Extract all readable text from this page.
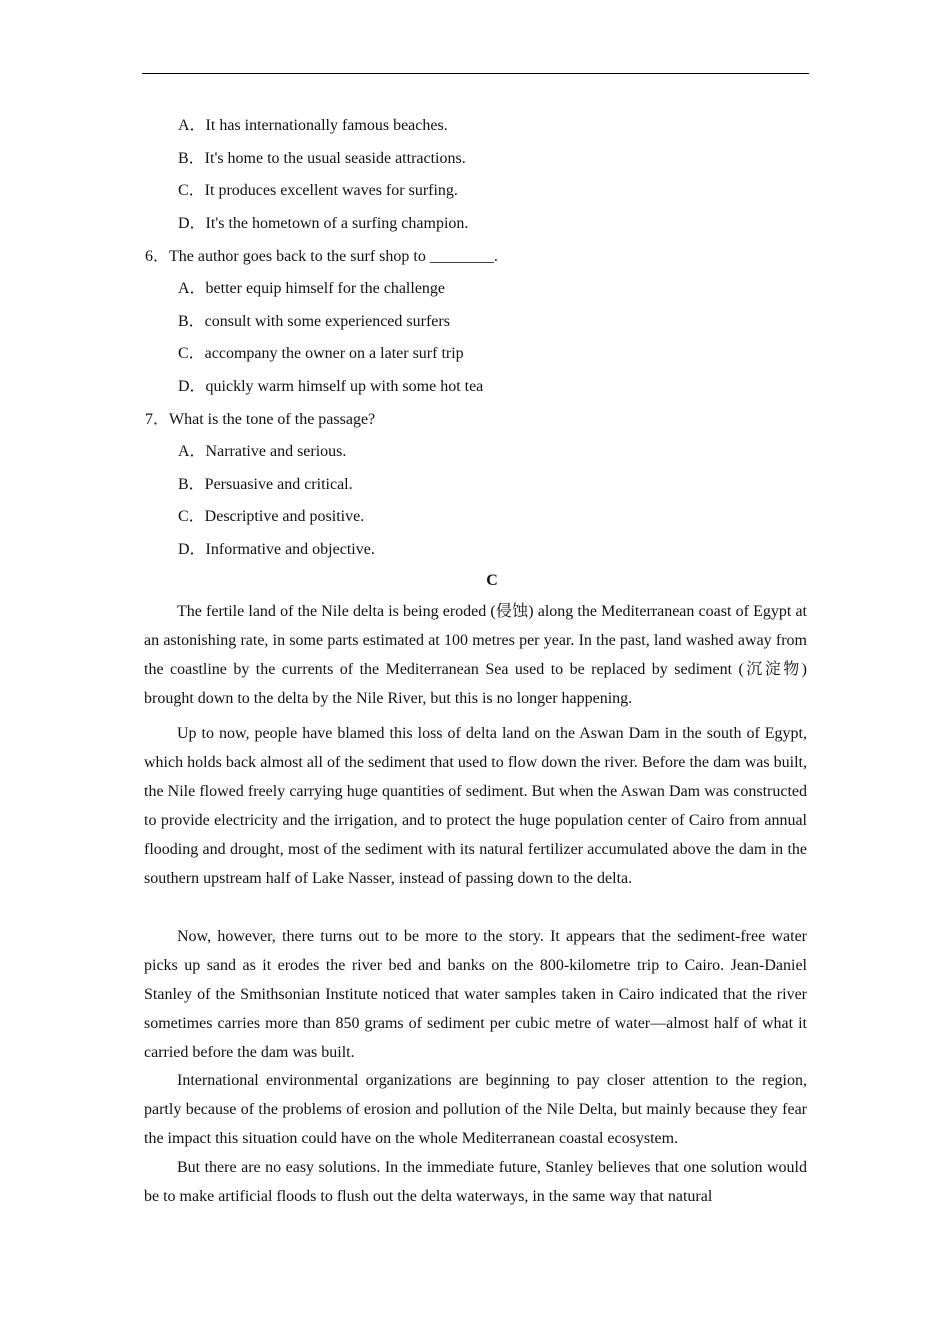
A．It has internationally famous beaches.
B．It's home to the usual seaside attractions.
C．It produces excellent waves for surfing.
D．It's the hometown of a surfing champion.
6．The author goes back to the surf shop to ________.
A．better equip himself for the challenge
B．consult with some experienced surfers
C．accompany the owner on a later surf trip
D．quickly warm himself up with some hot tea
7．What is the tone of the passage?
A．Narrative and serious.
B．Persuasive and critical.
C．Descriptive and positive.
D．Informative and objective.
C

The fertile land of the Nile delta is being eroded (侵蚀) along the Mediterranean coast of Egypt at an astonishing rate, in some parts estimated at 100 metres per year. In the past, land washed away from the coastline by the currents of the Mediterranean Sea used to be replaced by sediment (沉淀物) brought down to the delta by the Nile River, but this is no longer happening.

Up to now, people have blamed this loss of delta land on the Aswan Dam in the south of Egypt, which holds back almost all of the sediment that used to flow down the river. Before the dam was built, the Nile flowed freely carrying huge quantities of sediment. But when the Aswan Dam was constructed to provide electricity and the irrigation, and to protect the huge population center of Cairo from annual flooding and drought, most of the sediment with its natural fertilizer accumulated above the dam in the southern upstream half of Lake Nasser, instead of passing down to the delta.

Now, however, there turns out to be more to the story. It appears that the sediment-free water picks up sand as it erodes the river bed and banks on the 800-kilometre trip to Cairo. Jean-Daniel Stanley of the Smithsonian Institute noticed that water samples taken in Cairo indicated that the river sometimes carries more than 850 grams of sediment per cubic metre of water—almost half of what it carried before the dam was built.

International environmental organizations are beginning to pay closer attention to the region, partly because of the problems of erosion and pollution of the Nile Delta, but mainly because they fear the impact this situation could have on the whole Mediterranean coastal ecosystem.

But there are no easy solutions. In the immediate future, Stanley believes that one solution would be to make artificial floods to flush out the delta waterways, in the same way that natural
